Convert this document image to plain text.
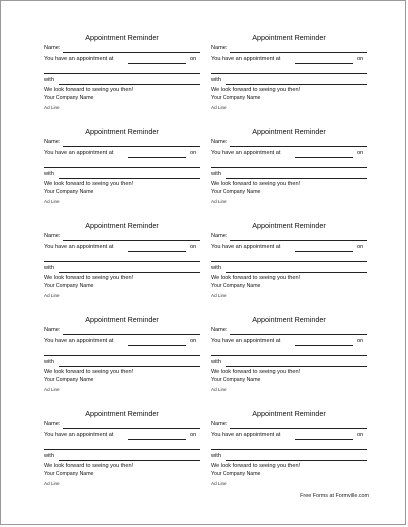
Appointment Reminder
Name:
You have an appointment at	on
with
We look forward to seeing you then!
Your Company Name
Ad Line
Appointment Reminder
Name:
You have an appointment at	on
with
We look forward to seeing you then!
Your Company Name
Ad Line
Appointment Reminder
Name:
You have an appointment at	on
with
We look forward to seeing you then!
Your Company Name
Ad Line
Appointment Reminder
Name:
You have an appointment at	on
with
We look forward to seeing you then!
Your Company Name
Ad Line
Appointment Reminder
Name:
You have an appointment at	on
with
We look forward to seeing you then!
Your Company Name
Ad Line
Appointment Reminder
Name:
You have an appointment at	on
with
We look forward to seeing you then!
Your Company Name
Ad Line
Appointment Reminder
Name:
You have an appointment at	on
with
We look forward to seeing you then!
Your Company Name
Ad Line
Appointment Reminder
Name:
You have an appointment at	on
with
We look forward to seeing you then!
Your Company Name
Ad Line
Appointment Reminder
Name:
You have an appointment at	on
with
We look forward to seeing you then!
Your Company Name
Ad Line
Appointment Reminder
Name:
You have an appointment at	on
with
We look forward to seeing you then!
Your Company Name
Ad Line
Free Forms at Formville.com
